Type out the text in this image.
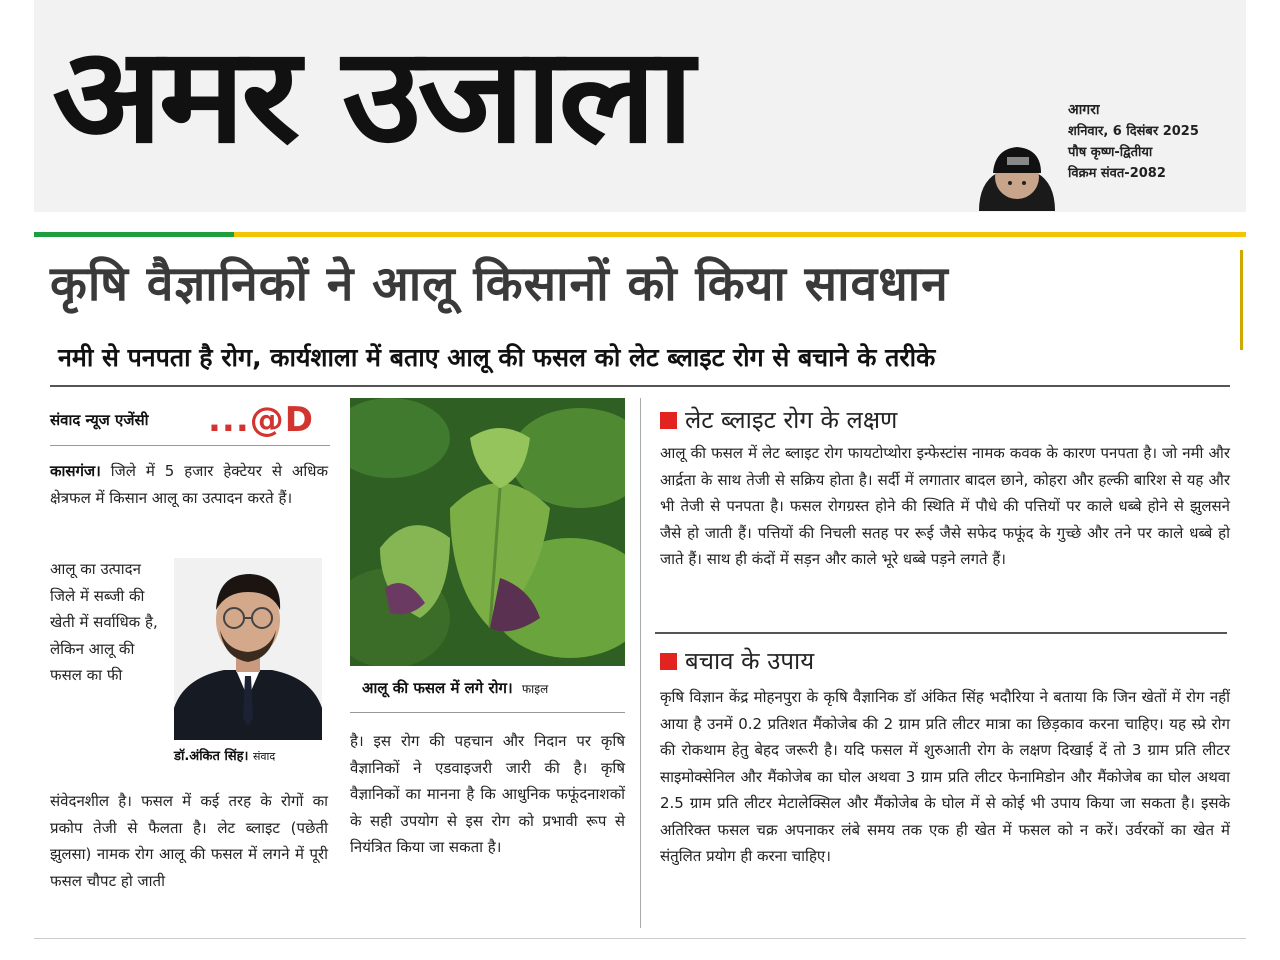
अमर उजाला	आगरा
शनिवार, 6 दिसंबर 2025
पौष कृष्ण-द्वितीया
विक्रम संवत-2082
कृषि वैज्ञानिकों ने आलू किसानों को किया सावधान
नमी से पनपता है रोग, कार्यशाला में बताए आलू की फसल को लेट ब्लाइट रोग से बचाने के तरीके
संवाद न्यूज एजेंसी ...@D
कासगंज। जिले में 5 हजार हेक्टेयर से अधिक क्षेत्रफल में किसान आलू का उत्पादन करते हैं।
आलू का उत्पादन जिले में सब्जी की खेती में सर्वाधिक है, लेकिन आलू की फसल का फी
डॉ.अंकित सिंह। संवाद
संवेदनशील है। फसल में कई तरह के रोगों का प्रकोप तेजी से फैलता है। लेट ब्लाइट (पछेती झुलसा) नामक रोग आलू की फसल में लगने में पूरी फसल चौपट हो जाती
आलू की फसल में लगे रोग। फाइल
है। इस रोग की पहचान और निदान पर कृषि वैज्ञानिकों ने एडवाइजरी जारी की है। कृषि वैज्ञानिकों का मानना है कि आधुनिक फफूंदनाशकों के सही उपयोग से इस रोग को प्रभावी रूप से नियंत्रित किया जा सकता है।
लेट ब्लाइट रोग के लक्षण
आलू की फसल में लेट ब्लाइट रोग फायटोप्थोरा इन्फेस्टांस नामक कवक के कारण पनपता है। जो नमी और आर्द्रता के साथ तेजी से सक्रिय होता है। सर्दी में लगातार बादल छाने, कोहरा और हल्की बारिश से यह और भी तेजी से पनपता है। फसल रोगग्रस्त होने की स्थिति में पौधे की पत्तियों पर काले धब्बे होने से झुलसने जैसे हो जाती हैं। पत्तियों की निचली सतह पर रूई जैसे सफेद फफूंद के गुच्छे और तने पर काले धब्बे हो जाते हैं। साथ ही कंदों में सड़न और काले भूरे धब्बे पड़ने लगते हैं।
बचाव के उपाय
कृषि विज्ञान केंद्र मोहनपुरा के कृषि वैज्ञानिक डॉ अंकित सिंह भदौरिया ने बताया कि जिन खेतों में रोग नहीं आया है उनमें 0.2 प्रतिशत मैंकोजेब की 2 ग्राम प्रति लीटर मात्रा का छिड़काव करना चाहिए। यह स्प्रे रोग की रोकथाम हेतु बेहद जरूरी है। यदि फसल में शुरुआती रोग के लक्षण दिखाई दें तो 3 ग्राम प्रति लीटर साइमोक्सेनिल और मैंकोजेब का घोल अथवा 3 ग्राम प्रति लीटर फेनामिडोन और मैंकोजेब का घोल अथवा 2.5 ग्राम प्रति लीटर मेटालेक्सिल और मैंकोजेब के घोल में से कोई भी उपाय किया जा सकता है। इसके अतिरिक्त फसल चक्र अपनाकर लंबे समय तक एक ही खेत में फसल को न करें। उर्वरकों का खेत में संतुलित प्रयोग ही करना चाहिए।
